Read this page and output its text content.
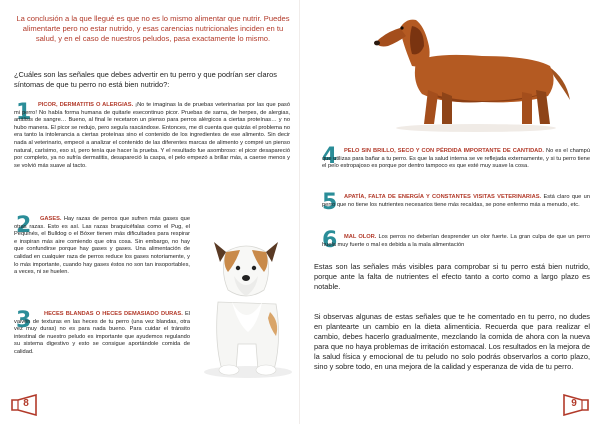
La conclusión a la que llegué es que no es lo mismo alimentar que nutrir. Puedes alimentarte pero no estar nutrido, y esas carencias nutricionales inciden en tu salud, y en el caso de nuestros peludos, pasa exactamente lo mismo.
¿Cuáles son las señales que debes advertir en tu perro y que podrían ser claros síntomas de que tu perro no está bien nutrido?:
1	PICOR, DERMATITIS O ALERGIAS. ¡No te imaginas la de pruebas veterinarias por las que pasó mi perro! No había forma humana de quitarle esecontinuo picor. Pruebas de sarna, de herpes, de alergias, análisis de sangre… Bueno, al final le recetaron un pienso para perros alérgicos a ciertas proteínas… y no hubo manera. El picor se redujo, pero seguía rascándose. Entonces, me di cuenta que quizás el problema no era tanto la intolerancia a ciertas proteínas sino el contenido de los ingredientes de ese alimento. Sin decir nada al veterinario, empecé a analizar el contenido de las diferentes marcas de alimento y compré un pienso natural, carísimo, eso sí, pero tenía que hacer la prueba. Y el resultado fue asombroso: el picor desapareció por completo, ya no sufría dermatitis, desapareció la caspa, el pelo empezó a brillar más, a caerse menos y se volvió más suave al tacto.
2	GASES. Hay razas de perros que sufren más gases que otras razas. Esto es así. Las razas braquicéfalas como el Pug, el Pequinés, el Bulldog o el Bóxer tienen más dificultades para respirar e inspiran más aire comiendo que otra cosa. Sin embargo, no hay que confundirse porque hay gases y gases. Una alimentación de calidad en cualquier raza de perros reduce los gases notoriamente, y lo más importante, cuando hay gases éstos no son tan insoportables, a veces, ni se huelen.
3	HECES BLANDAS O HECES DEMASIADO DURAS. El vaivén de texturas en las heces de tu perro (una vez blandas, otra vez muy duras) no es para nada bueno. Para cuidar el tránsito intestinal de nuestro peludo es importante que ayudemos regulando su sistema digestivo y esto se consigue aportándole comida de calidad.
8
4	PELO SIN BRILLO, SECO Y CON PÉRDIDA IMPORTANTE DE CANTIDAD. No es el champú que utilizas para bañar a tu perro. Es que la salud interna se ve reflejada externamente, y si tu perro tiene el pelo estropajoso es porque por dentro tampoco es que esté muy suave la cosa.
5	APATÍA, FALTA DE ENERGÍA Y CONSTANTES VISITAS VETERINARIAS. Está claro que un perro que no tiene los nutrientes necesarios tiene más recaídas, se pone enfermo más a menudo, etc.
6	MAL OLOR. Los perros no deberían desprender un olor fuerte. La gran culpa de que un perro huela muy fuerte o mal es debida a la mala alimentación
Estas son las señales más visibles para comprobar si tu perro está bien nutrido, porque ante la falta de nutrientes el efecto tanto a corto como a largo plazo es notable.
Si observas algunas de estas señales que te he comentado en tu perro, no dudes en plantearte un cambio en la dieta alimenticia. Recuerda que para realizar el cambio, debes hacerlo gradualmente, mezclando la comida de ahora con la nueva para que no haya problemas de irritación estomacal. Los resultados en la mejora de la salud física y emocional de tu peludo no solo podrás observarlos a corto plazo, sino y sobre todo, en una mejora de la calidad y esperanza de vida de tu perro.
9
